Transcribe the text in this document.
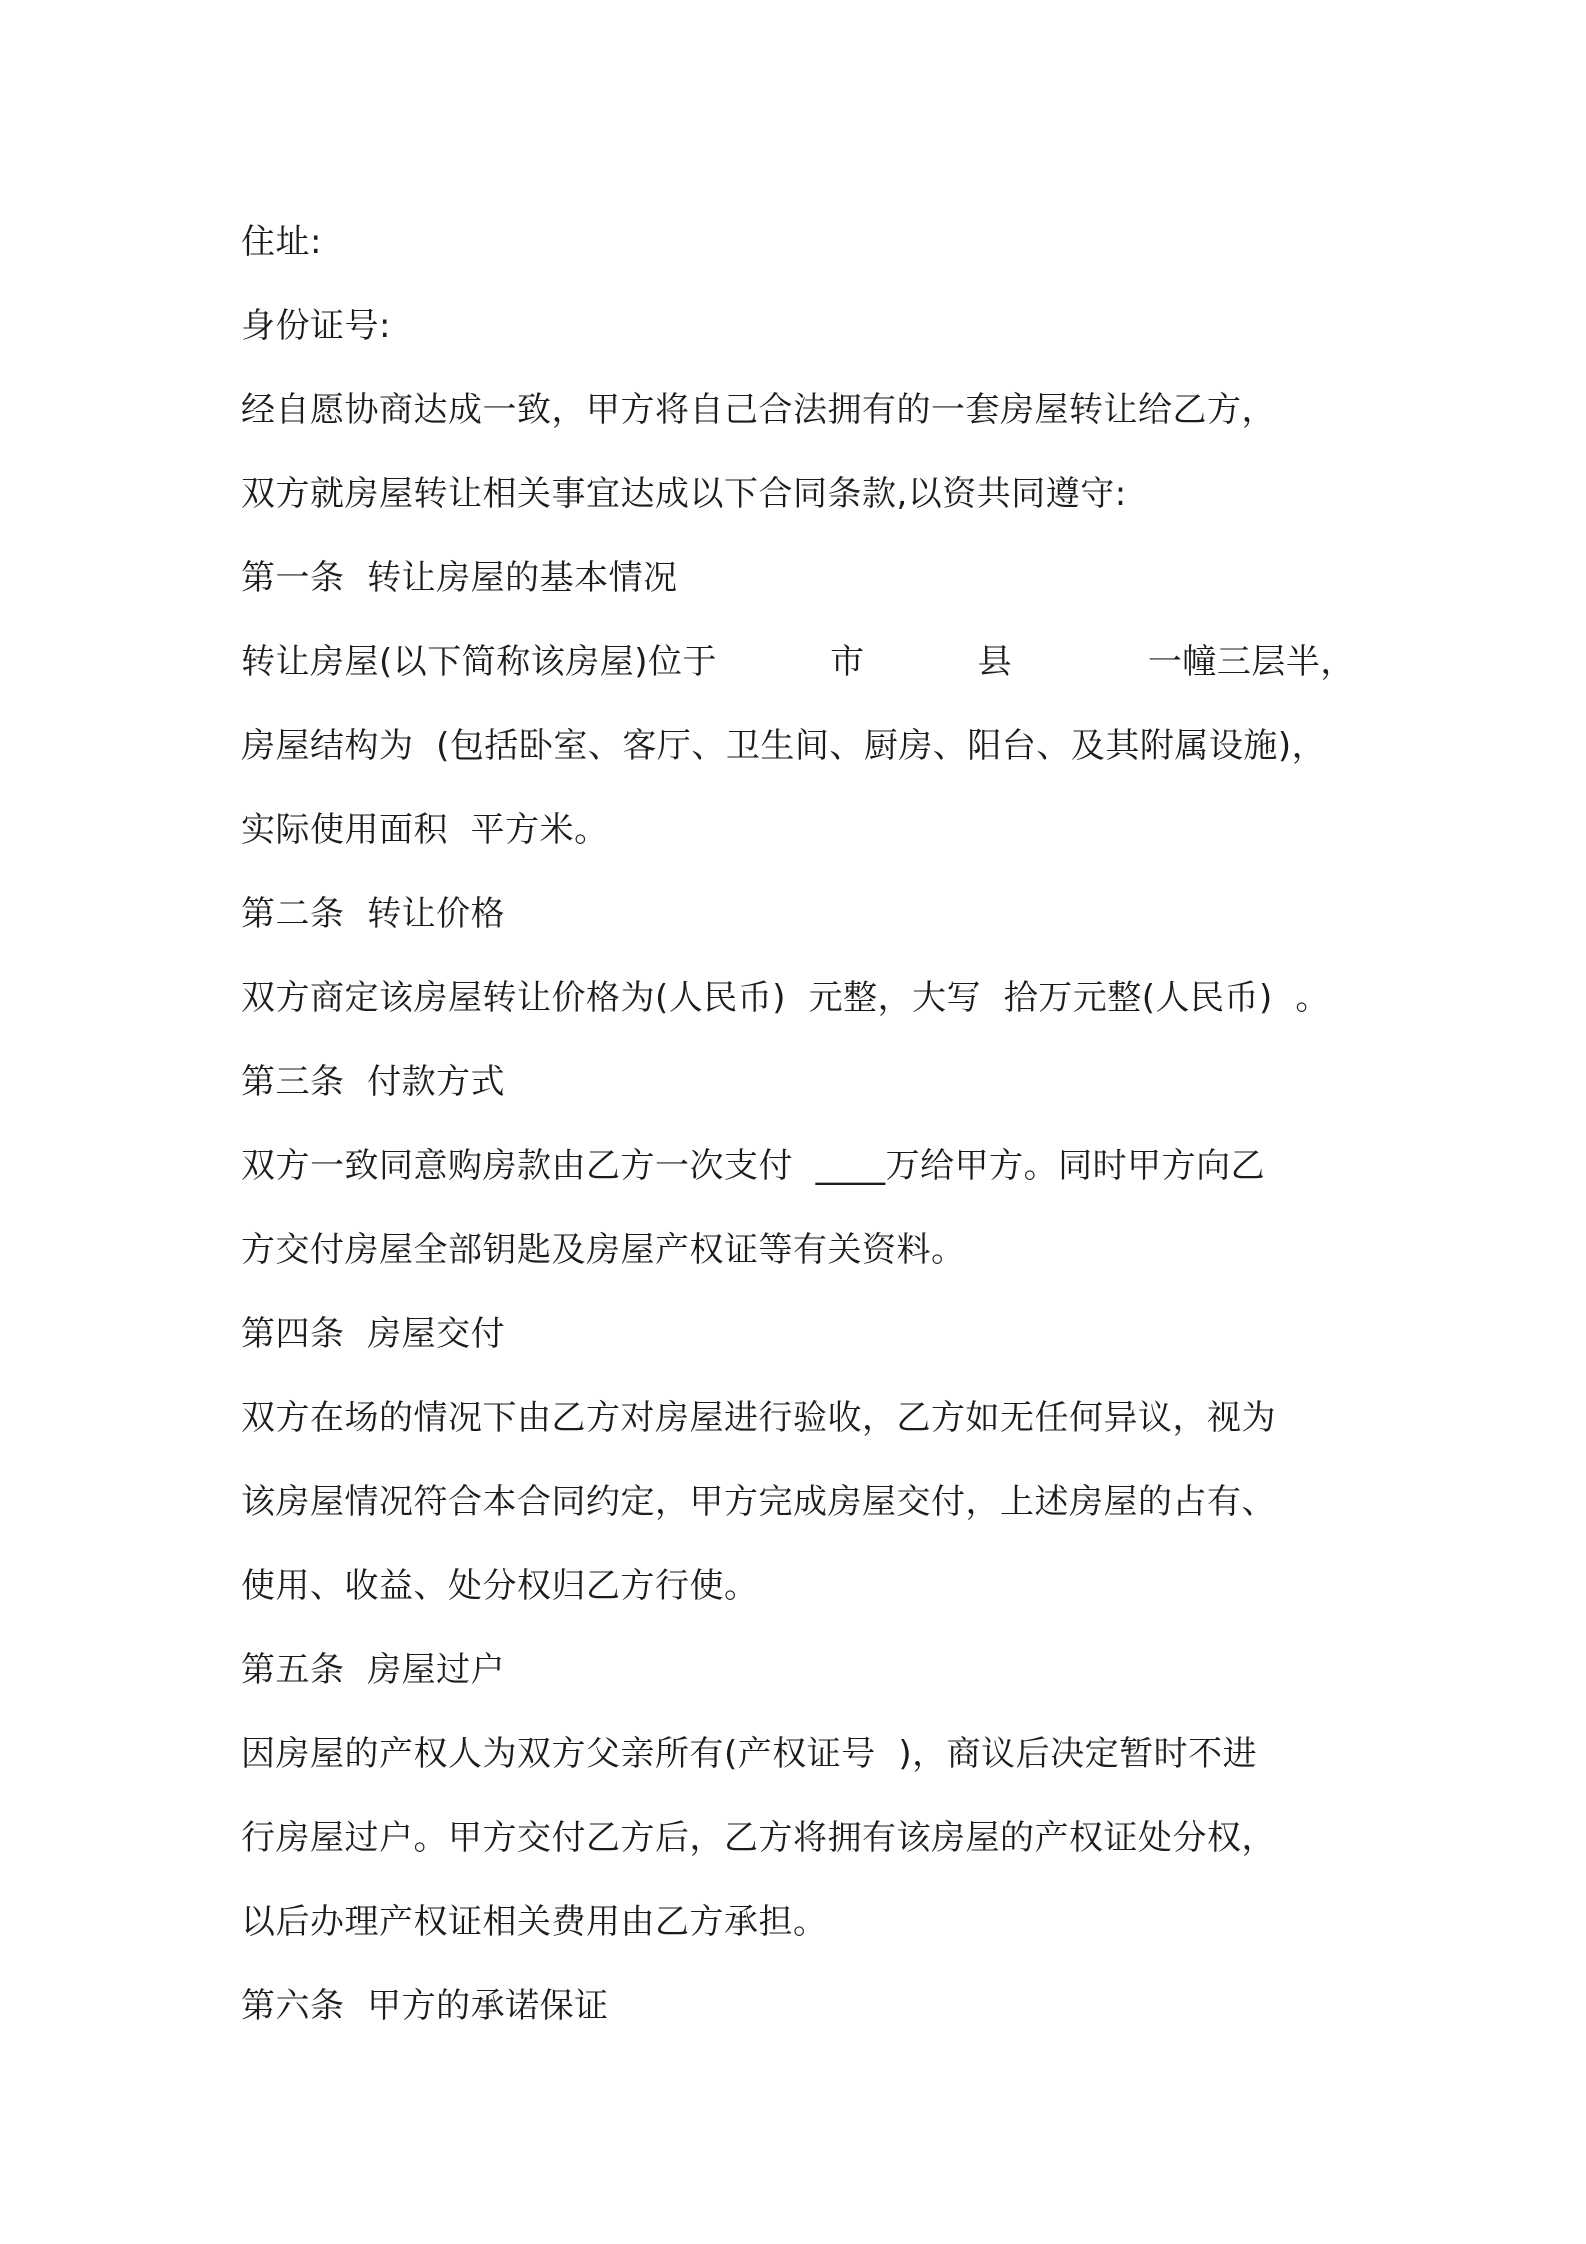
住址:
身份证号:
经自愿协商达成一致，甲方将自己合法拥有的一套房屋转让给乙方，
双方就房屋转让相关事宜达成以下合同条款,以资共同遵守:
第一条  转让房屋的基本情况
转让房屋(以下简称该房屋)位于          市          县            一幢三层半，
房屋结构为  (包括卧室、客厅、卫生间、厨房、阳台、及其附属设施)，
实际使用面积  平方米。
第二条  转让价格
双方商定该房屋转让价格为(人民币)  元整，大写  拾万元整(人民币)  。
第三条  付款方式
双方一致同意购房款由乙方一次支付  ____万给甲方。同时甲方向乙
方交付房屋全部钥匙及房屋产权证等有关资料。
第四条  房屋交付
双方在场的情况下由乙方对房屋进行验收，乙方如无任何异议，视为
该房屋情况符合本合同约定，甲方完成房屋交付，上述房屋的占有、
使用、收益、处分权归乙方行使。
第五条  房屋过户
因房屋的产权人为双方父亲所有(产权证号  )，商议后决定暂时不进
行房屋过户。甲方交付乙方后，乙方将拥有该房屋的产权证处分权，
以后办理产权证相关费用由乙方承担。
第六条  甲方的承诺保证
